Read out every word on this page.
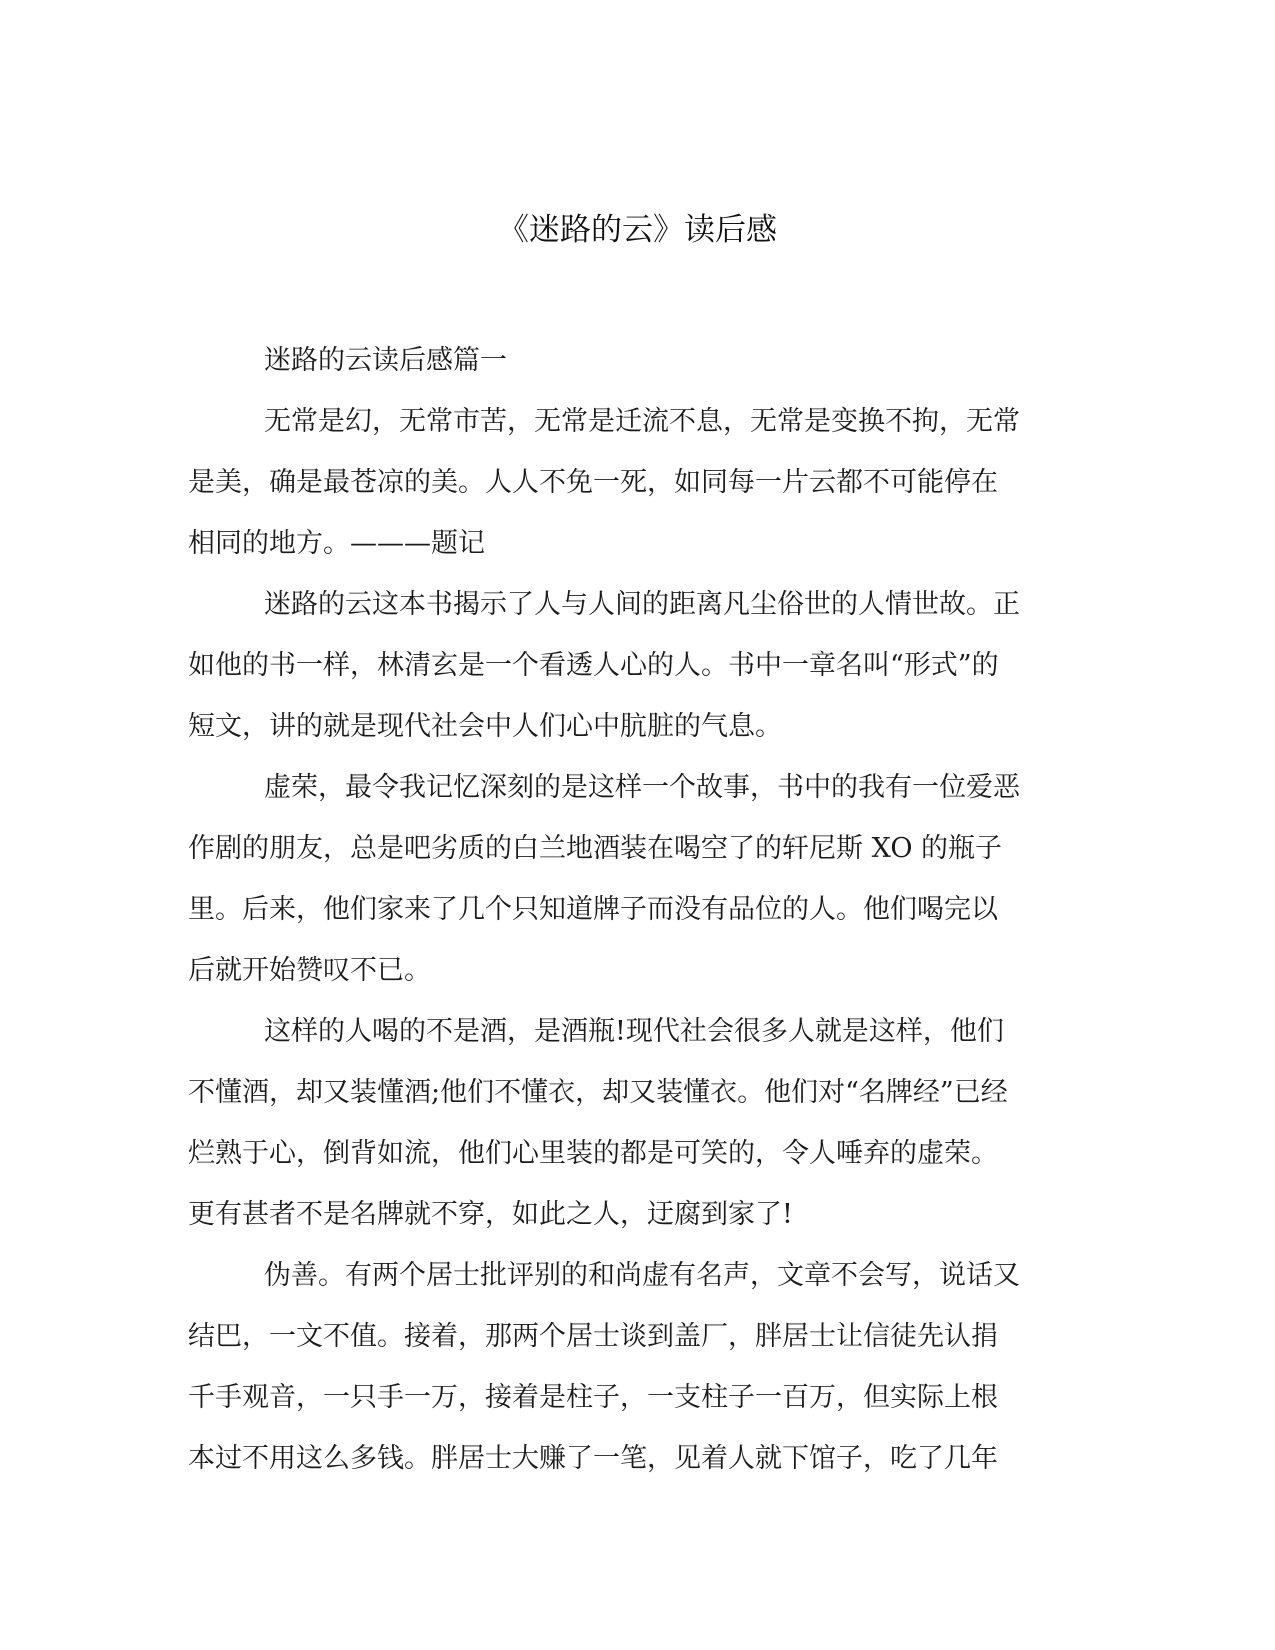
《迷路的云》读后感

迷路的云读后感篇一

无常是幻，无常市苦，无常是迁流不息，无常是变换不拘，无常
是美，确是最苍凉的美。人人不免一死，如同每一片云都不可能停在
相同的地方。———题记

迷路的云这本书揭示了人与人间的距离凡尘俗世的人情世故。正
如他的书一样，林清玄是一个看透人心的人。书中一章名叫“形式”的
短文，讲的就是现代社会中人们心中肮脏的气息。

虚荣，最令我记忆深刻的是这样一个故事，书中的我有一位爱恶
作剧的朋友，总是吧劣质的白兰地酒装在喝空了的轩尼斯 XO 的瓶子
里。后来，他们家来了几个只知道牌子而没有品位的人。他们喝完以
后就开始赞叹不已。

这样的人喝的不是酒，是酒瓶!现代社会很多人就是这样，他们
不懂酒，却又装懂酒;他们不懂衣，却又装懂衣。他们对“名牌经”已经
烂熟于心，倒背如流，他们心里装的都是可笑的，令人唾弃的虚荣。
更有甚者不是名牌就不穿，如此之人，迂腐到家了!

伪善。有两个居士批评别的和尚虚有名声，文章不会写，说话又
结巴，一文不值。接着，那两个居士谈到盖厂，胖居士让信徒先认捐
千手观音，一只手一万，接着是柱子，一支柱子一百万，但实际上根
本过不用这么多钱。胖居士大赚了一笔，见着人就下馆子，吃了几年
